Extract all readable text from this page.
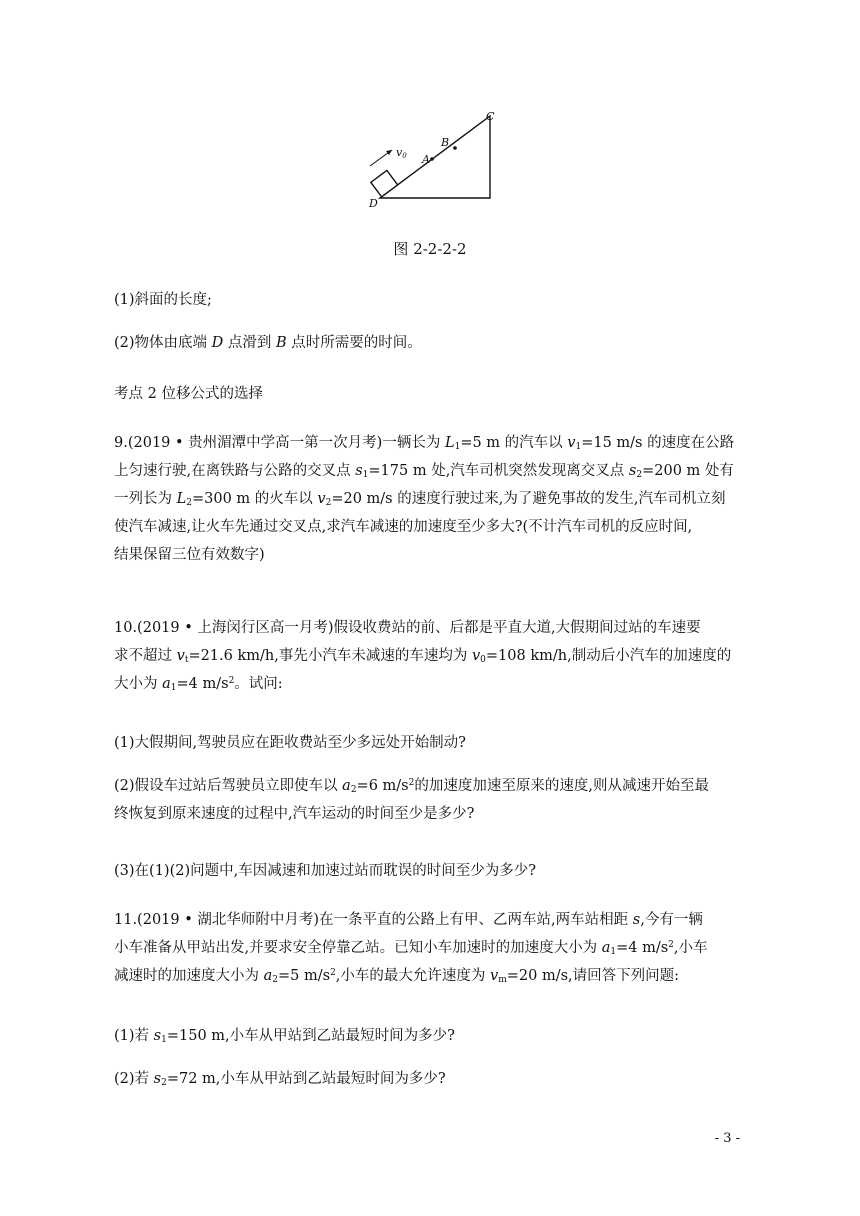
v0 A
B
C
D
图 2-2-2-2
(1)斜面的长度;
(2)物体由底端 D 点滑到 B 点时所需要的时间。
考点 2 位移公式的选择
9.(2019 • 贵州湄潭中学高一第一次月考)一辆长为 $L_1=5$ m 的汽车以 $v_1=15$ m/s 的速度在公路
上匀速行驶,在离铁路与公路的交叉点 $s_1=175$ m 处,汽车司机突然发现离交叉点 $s_2=200$ m 处有
一列长为 $L_2=300$ m 的火车以 $v_2=20$ m/s 的速度行驶过来,为了避免事故的发生,汽车司机立刻
使汽车减速,让火车先通过交叉点,求汽车减速的加速度至少多大?(不计汽车司机的反应时间,
结果保留三位有效数字)
10.(2019 • 上海闵行区高一月考)假设收费站的前、后都是平直大道,大假期间过站的车速要
求不超过 $v_t=21.6$ km/h,事先小汽车未减速的车速均为 $v_0=108$ km/h,制动后小汽车的加速度的
大小为 $a_1=4$ $m/s^2$。试问:
(1)大假期间,驾驶员应在距收费站至少多远处开始制动?
(2)假设车过站后驾驶员立即使车以 $a_2=6$ $m/s^2$的加速度加速至原来的速度,则从减速开始至最
终恢复到原来速度的过程中,汽车运动的时间至少是多少?
(3)在(1)(2)问题中,车因减速和加速过站而耽误的时间至少为多少?
11.(2019 • 湖北华师附中月考)在一条平直的公路上有甲、乙两车站,两车站相距 s,今有一辆
小车准备从甲站出发,并要求安全停靠乙站。已知小车加速时的加速度大小为 $a_1=4$ $m/s^2$,小车
减速时的加速度大小为 $a_2=5$ $m/s^2$,小车的最大允许速度为 $v_m=20$ m/s,请回答下列问题:
(1)若 $s_1=150$ m,小车从甲站到乙站最短时间为多少?
(2)若 $s_2=72$ m,小车从甲站到乙站最短时间为多少?
- 3 -
